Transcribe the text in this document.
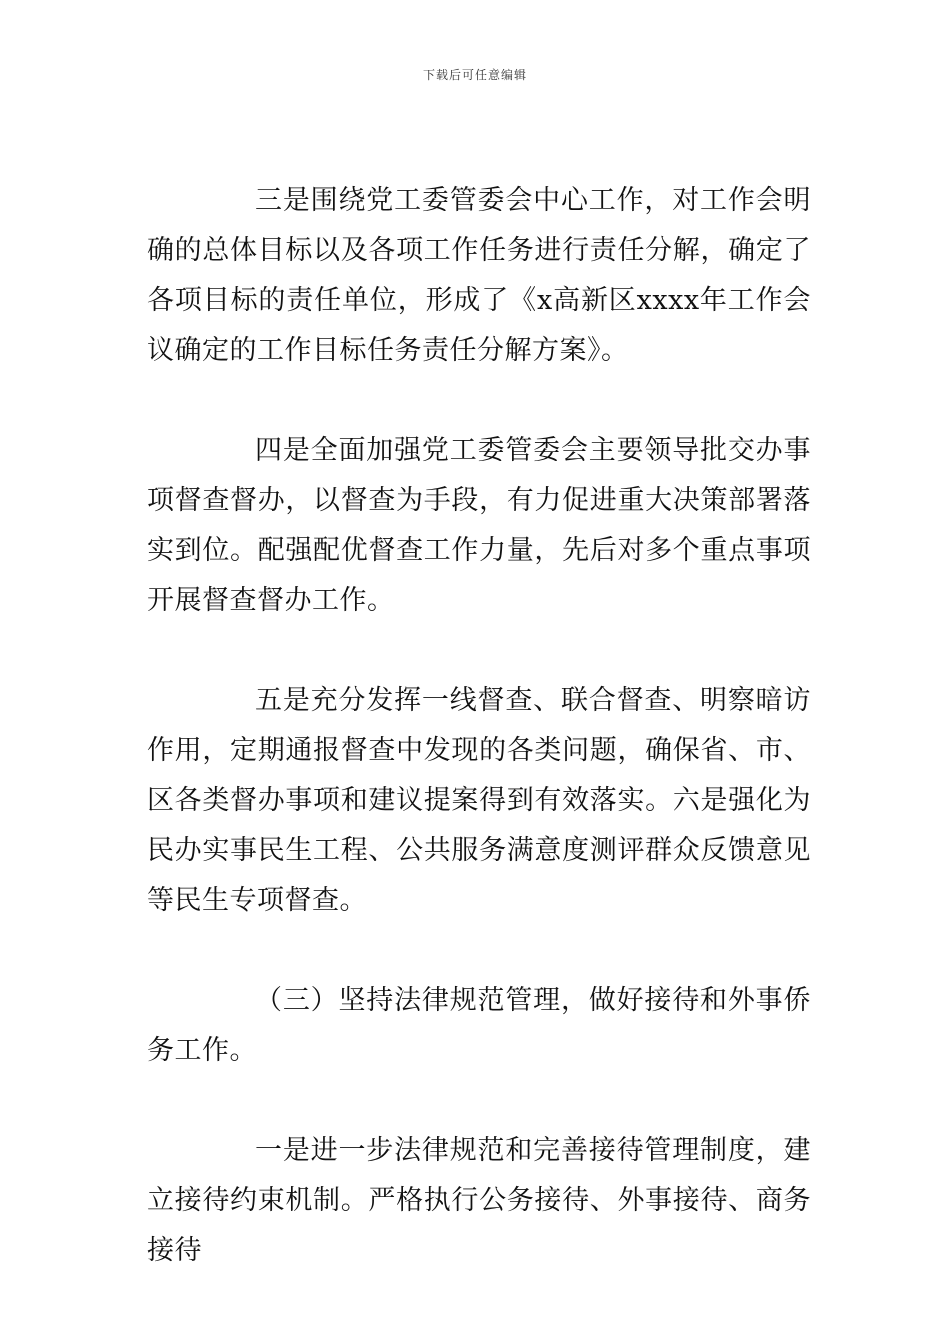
下载后可任意编辑

三是围绕党工委管委会中心工作，对工作会明确的总体目标以及各项工作任务进行责任分解，确定了各项目标的责任单位，形成了《x高新区xxxx年工作会议确定的工作目标任务责任分解方案》。

四是全面加强党工委管委会主要领导批交办事项督查督办，以督查为手段，有力促进重大决策部署落实到位。配强配优督查工作力量，先后对多个重点事项开展督查督办工作。

五是充分发挥一线督查、联合督查、明察暗访作用，定期通报督查中发现的各类问题，确保省、市、区各类督办事项和建议提案得到有效落实。六是强化为民办实事民生工程、公共服务满意度测评群众反馈意见等民生专项督查。

（三）坚持法律规范管理，做好接待和外事侨务工作。

一是进一步法律规范和完善接待管理制度，建立接待约束机制。严格执行公务接待、外事接待、商务接待
